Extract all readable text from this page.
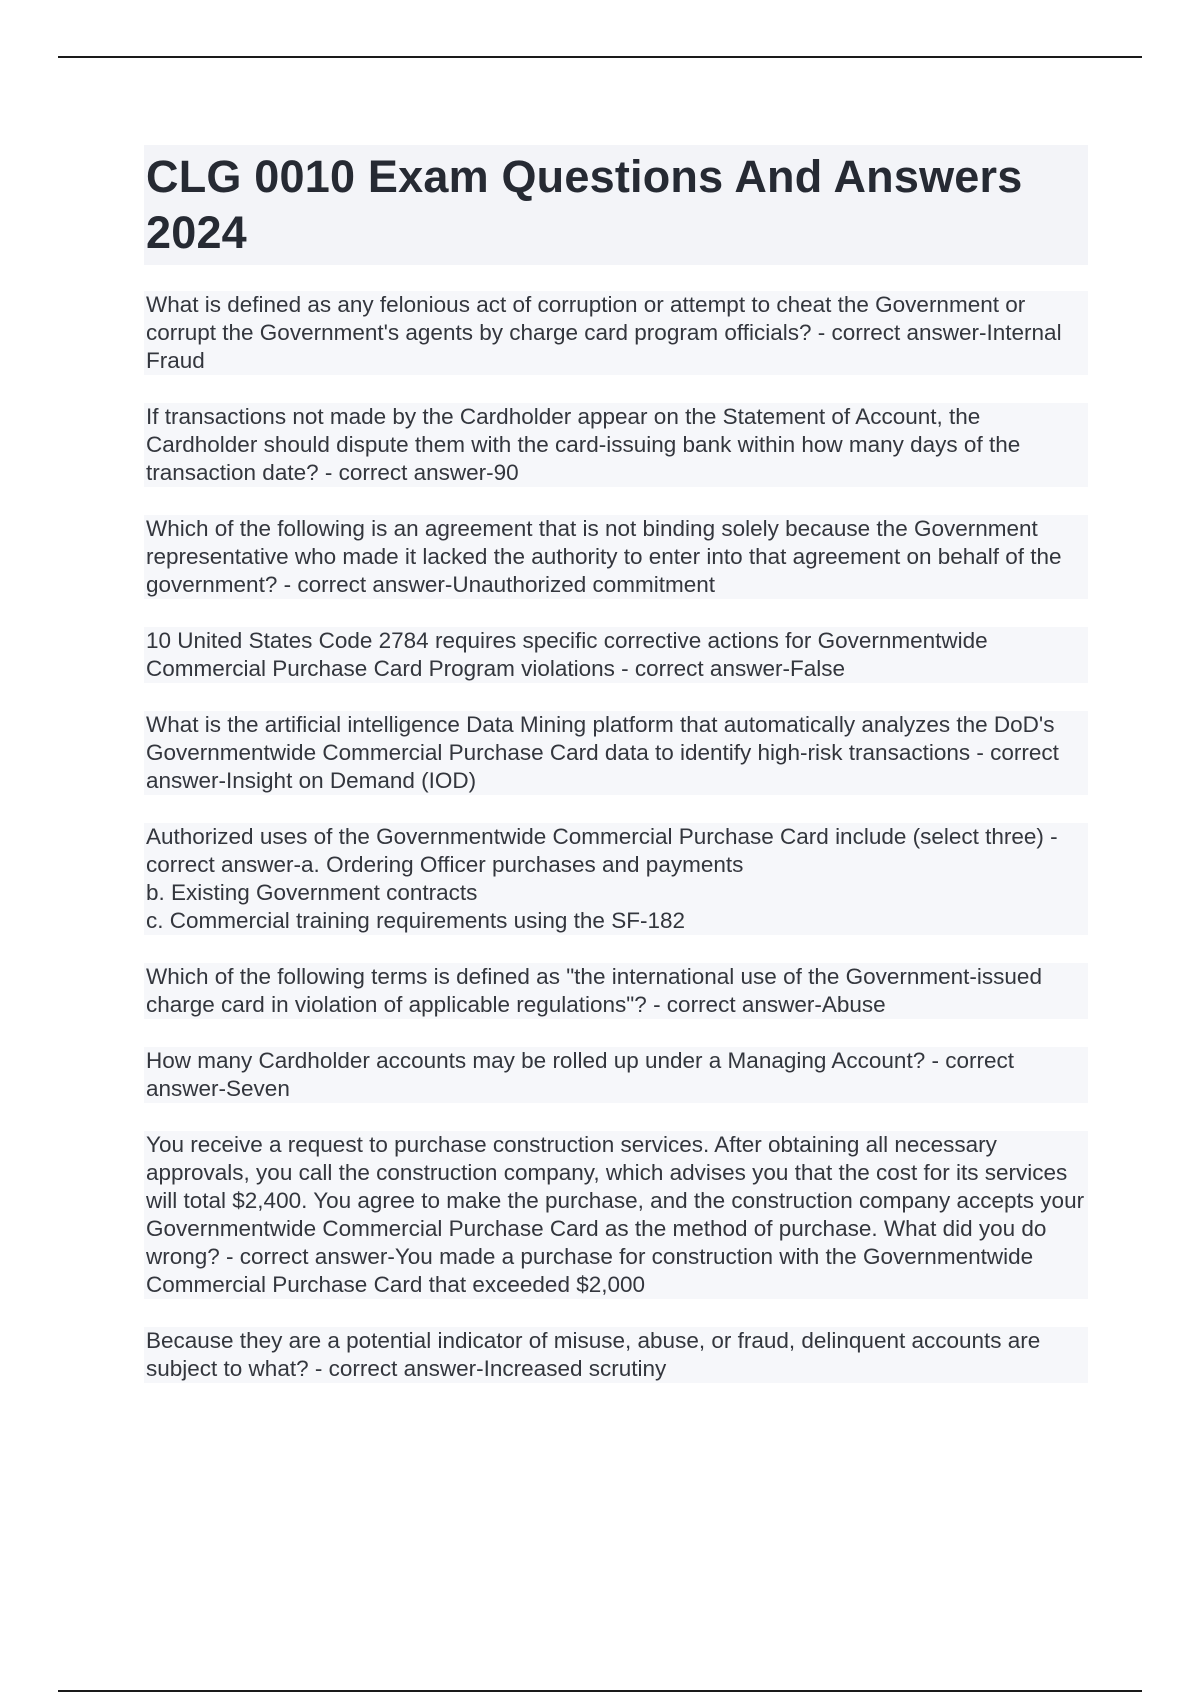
CLG 0010 Exam Questions And Answers 2024

What is defined as any felonious act of corruption or attempt to cheat the Government or corrupt the Government's agents by charge card program officials? - correct answer-Internal Fraud

If transactions not made by the Cardholder appear on the Statement of Account, the Cardholder should dispute them with the card-issuing bank within how many days of the transaction date? - correct answer-90

Which of the following is an agreement that is not binding solely because the Government representative who made it lacked the authority to enter into that agreement on behalf of the government? - correct answer-Unauthorized commitment

10 United States Code 2784 requires specific corrective actions for Governmentwide Commercial Purchase Card Program violations - correct answer-False

What is the artificial intelligence Data Mining platform that automatically analyzes the DoD's Governmentwide Commercial Purchase Card data to identify high-risk transactions - correct answer-Insight on Demand (IOD)

Authorized uses of the Governmentwide Commercial Purchase Card include (select three) - correct answer-a. Ordering Officer purchases and payments
b. Existing Government contracts
c. Commercial training requirements using the SF-182

Which of the following terms is defined as "the international use of the Government-issued charge card in violation of applicable regulations"? - correct answer-Abuse

How many Cardholder accounts may be rolled up under a Managing Account? - correct answer-Seven

You receive a request to purchase construction services. After obtaining all necessary approvals, you call the construction company, which advises you that the cost for its services will total $2,400. You agree to make the purchase, and the construction company accepts your Governmentwide Commercial Purchase Card as the method of purchase. What did you do wrong? - correct answer-You made a purchase for construction with the Governmentwide Commercial Purchase Card that exceeded $2,000

Because they are a potential indicator of misuse, abuse, or fraud, delinquent accounts are subject to what? - correct answer-Increased scrutiny
